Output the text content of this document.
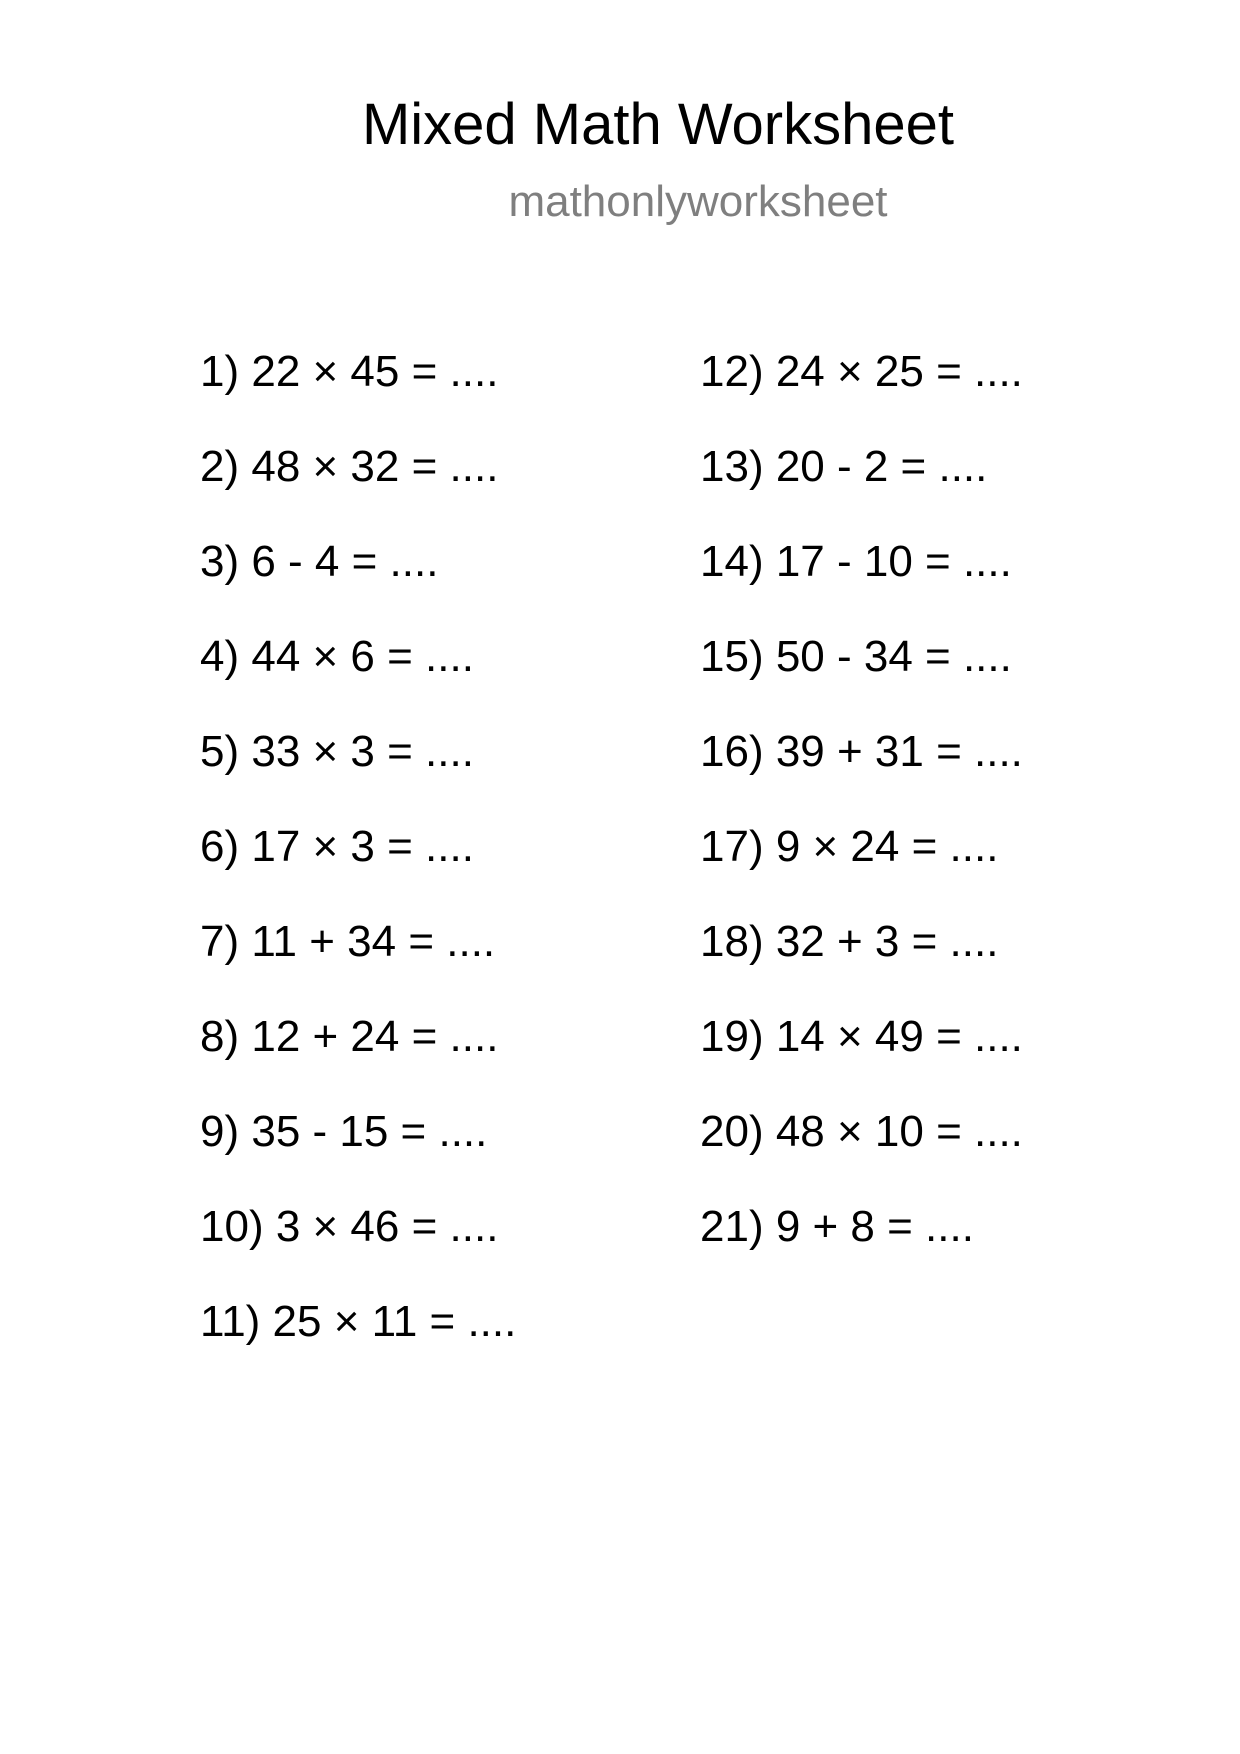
Mixed Math Worksheet
mathonlyworksheet
1) 22 × 45 = ....
2) 48 × 32 = ....
3) 6 - 4 = ....
4) 44 × 6 = ....
5) 33 × 3 = ....
6) 17 × 3 = ....
7) 11 + 34 = ....
8) 12 + 24 = ....
9) 35 - 15 = ....
10) 3 × 46 = ....
11) 25 × 11 = ....
12) 24 × 25 = ....
13) 20 - 2 = ....
14) 17 - 10 = ....
15) 50 - 34 = ....
16) 39 + 31 = ....
17) 9 × 24 = ....
18) 32 + 3 = ....
19) 14 × 49 = ....
20) 48 × 10 = ....
21) 9 + 8 = ....
